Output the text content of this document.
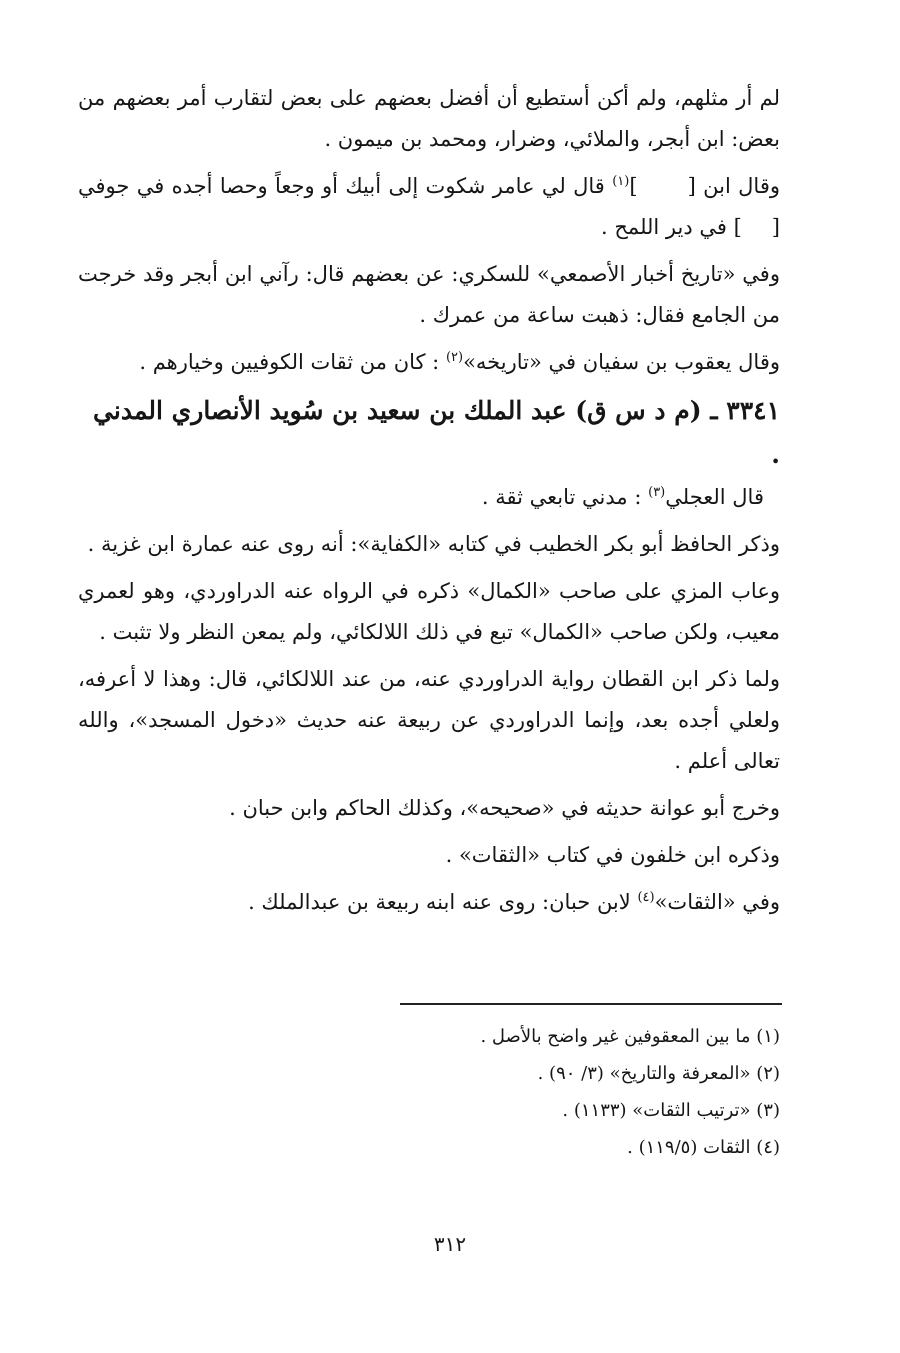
لم أر مثلهم، ولم أكن أستطيع أن أفضل بعضهم على بعض لتقارب أمر بعضهم من بعض: ابن أبجر، والملائي، وضرار، ومحمد بن ميمون .

وقال ابن []$^{(١)}$ قال لي عامر شكوت إلى أبيك أو وجعاً وحصا أجده في جوفي [] في دير اللمح .

وفي «تاريخ أخبار الأصمعي» للسكري: عن بعضهم قال: رآني ابن أبجر وقد خرجت من الجامع فقال: ذهبت ساعة من عمرك .

وقال يعقوب بن سفيان في «تاريخه»$^{(٢)}$ : كان من ثقات الكوفيين وخيارهم .

٣٣٤١ ـ (م د س ق) عبد الملك بن سعيد بن سُويد الأنصاري المدني .

قال العجلي$^{(٣)}$ : مدني تابعي ثقة .

وذكر الحافظ أبو بكر الخطيب في كتابه «الكفاية»: أنه روى عنه عمارة ابن غزية .

وعاب المزي على صاحب «الكمال» ذكره في الرواه عنه الدراوردي، وهو لعمري معيب، ولكن صاحب «الكمال» تبع في ذلك اللالكائي، ولم يمعن النظر ولا تثبت .

ولما ذكر ابن القطان رواية الدراوردي عنه، من عند اللالكائي، قال: وهذا لا أعرفه، ولعلي أجده بعد، وإنما الدراوردي عن ربيعة عنه حديث «دخول المسجد»، والله تعالى أعلم .

وخرج أبو عوانة حديثه في «صحيحه»، وكذلك الحاكم وابن حبان .

وذكره ابن خلفون في كتاب «الثقات» .

وفي «الثقات»$^{(٤)}$ لابن حبان: روى عنه ابنه ربيعة بن عبدالملك .

(١) ما بين المعقوفين غير واضح بالأصل .

(٢) «المعرفة والتاريخ» (٣/ ٩٠) .

(٣) «ترتيب الثقات» (١١٣٣) .

(٤) الثقات (١١٩/٥) .

٣١٢
